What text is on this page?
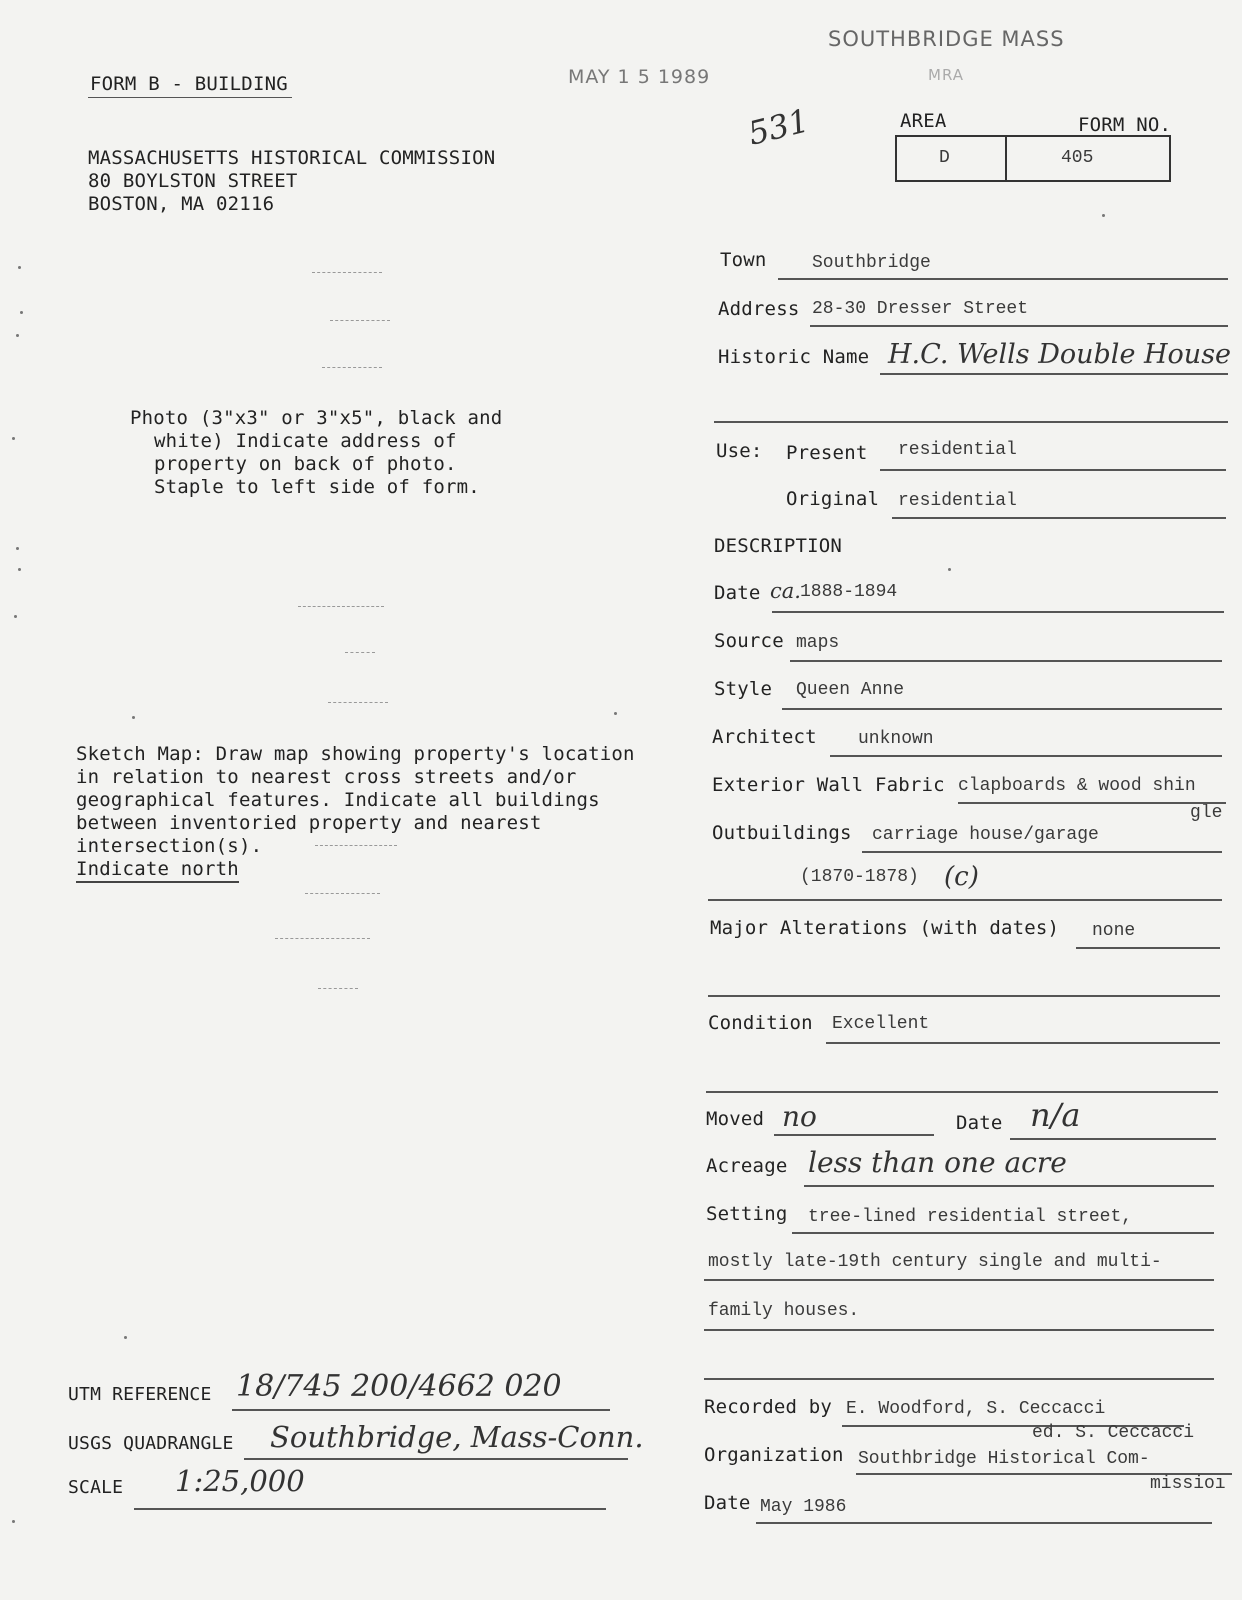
FORM B - BUILDING	MAY 1 5 1989
SOUTHBRIDGE MASS
MRA
531
MASSACHUSETTS HISTORICAL COMMISSION
80 BOYLSTON STREET
BOSTON, MA 02116
AREA	FORM NO.
D	405
Photo (3"x3" or 3"x5", black and
white) Indicate address of
property on back of photo.
Staple to left side of form.
Sketch Map: Draw map showing property's location
in relation to nearest cross streets and/or
geographical features. Indicate all buildings
between inventoried property and nearest
intersection(s).
Indicate north
UTM REFERENCE 18/745 200/4662 020
USGS QUADRANGLE Southbridge, Mass-Conn.
SCALE 1:25,000
Town	Southbridge
Address 28-30 Dresser Street
Historic Name H.C. Wells Double House
Use: Present residential
Original residential
DESCRIPTION
Date ca. 1888-1894
Source maps
Style Queen Anne
Architect unknown
Exterior Wall Fabric clapboards & wood shin
gle
Outbuildings carriage house/garage
(1870-1878) (c)
Major Alterations (with dates) none
Condition Excellent
Moved no	Date n/a
Acreage less than one acre
Setting tree-lined residential street,
mostly late-19th century single and multi-
family houses.
Recorded by E. Woodford, S. Ceccacci
ed. S. Ceccacci
Organization Southbridge Historical Com-
missioı
Date May 1986
